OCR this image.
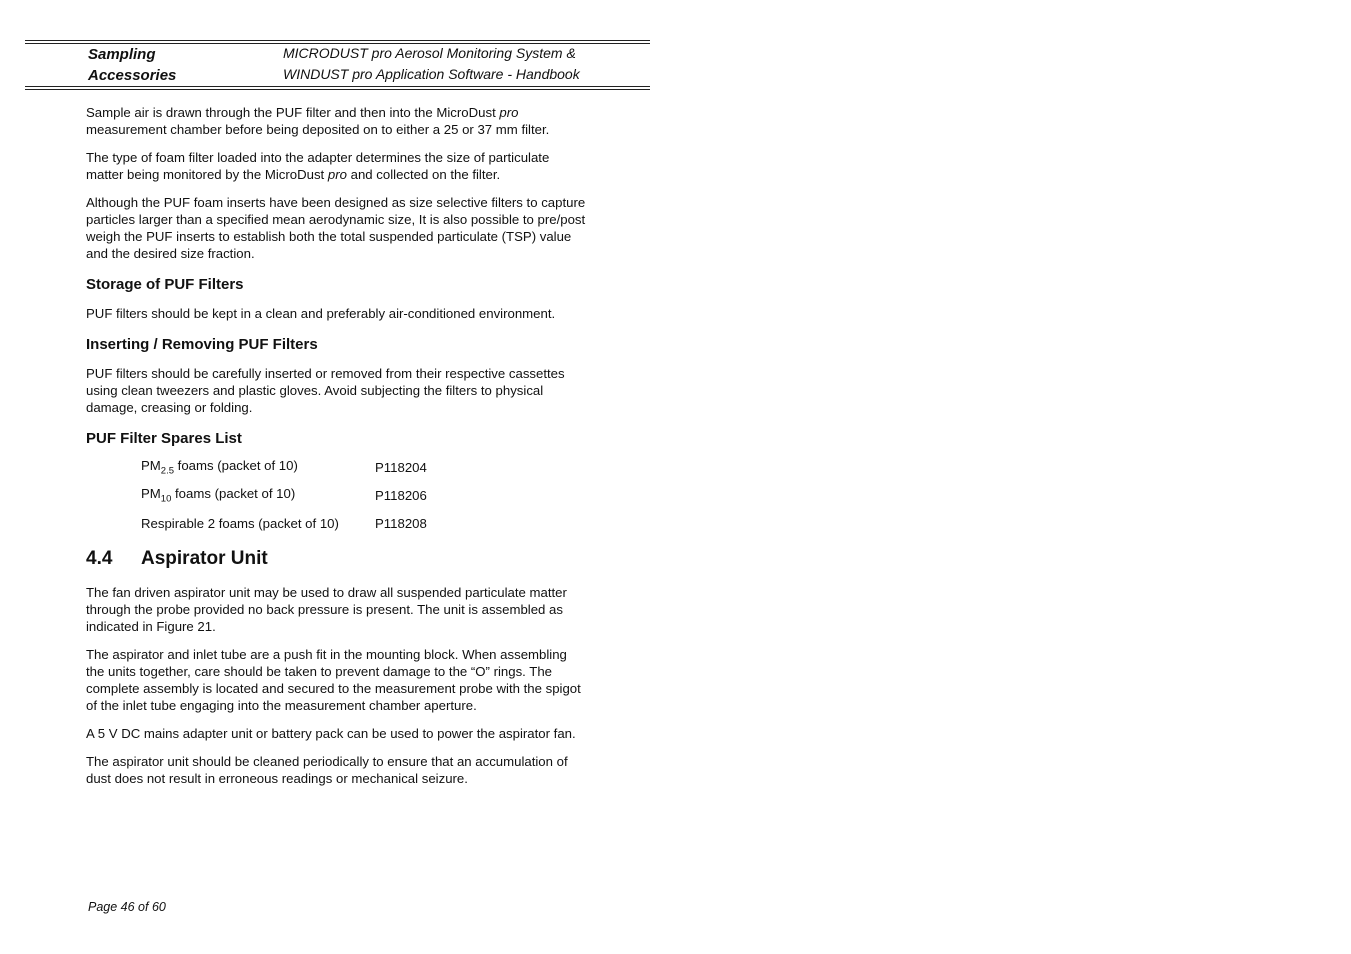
Sampling
Accessories
MICRODUST pro Aerosol Monitoring System &
WINDUST pro Application Software - Handbook

Sample air is drawn through the PUF filter and then into the MicroDust pro measurement chamber before being deposited on to either a 25 or 37 mm filter.

The type of foam filter loaded into the adapter determines the size of particulate matter being monitored by the MicroDust pro and collected on the filter.

Although the PUF foam inserts have been designed as size selective filters to capture particles larger than a specified mean aerodynamic size, It is also possible to pre/post weigh the PUF inserts to establish both the total suspended particulate (TSP) value and the desired size fraction.

Storage of PUF Filters

PUF filters should be kept in a clean and preferably air-conditioned environment.

Inserting / Removing PUF Filters

PUF filters should be carefully inserted or removed from their respective cassettes using clean tweezers and plastic gloves. Avoid subjecting the filters to physical damage, creasing or folding.

PUF Filter Spares List
$PM_{2.5}$ foams (packet of 10)	P118204
$PM_{10}$ foams (packet of 10)	P118206
Respirable 2 foams (packet of 10)	P118208
4.4 Aspirator Unit

The fan driven aspirator unit may be used to draw all suspended particulate matter through the probe provided no back pressure is present. The unit is assembled as indicated in Figure 21.

The aspirator and inlet tube are a push fit in the mounting block. When assembling the units together, care should be taken to prevent damage to the “O” rings. The complete assembly is located and secured to the measurement probe with the spigot of the inlet tube engaging into the measurement chamber aperture.

A 5 V DC mains adapter unit or battery pack can be used to power the aspirator fan.

The aspirator unit should be cleaned periodically to ensure that an accumulation of dust does not result in erroneous readings or mechanical seizure.

Page 46 of 60
